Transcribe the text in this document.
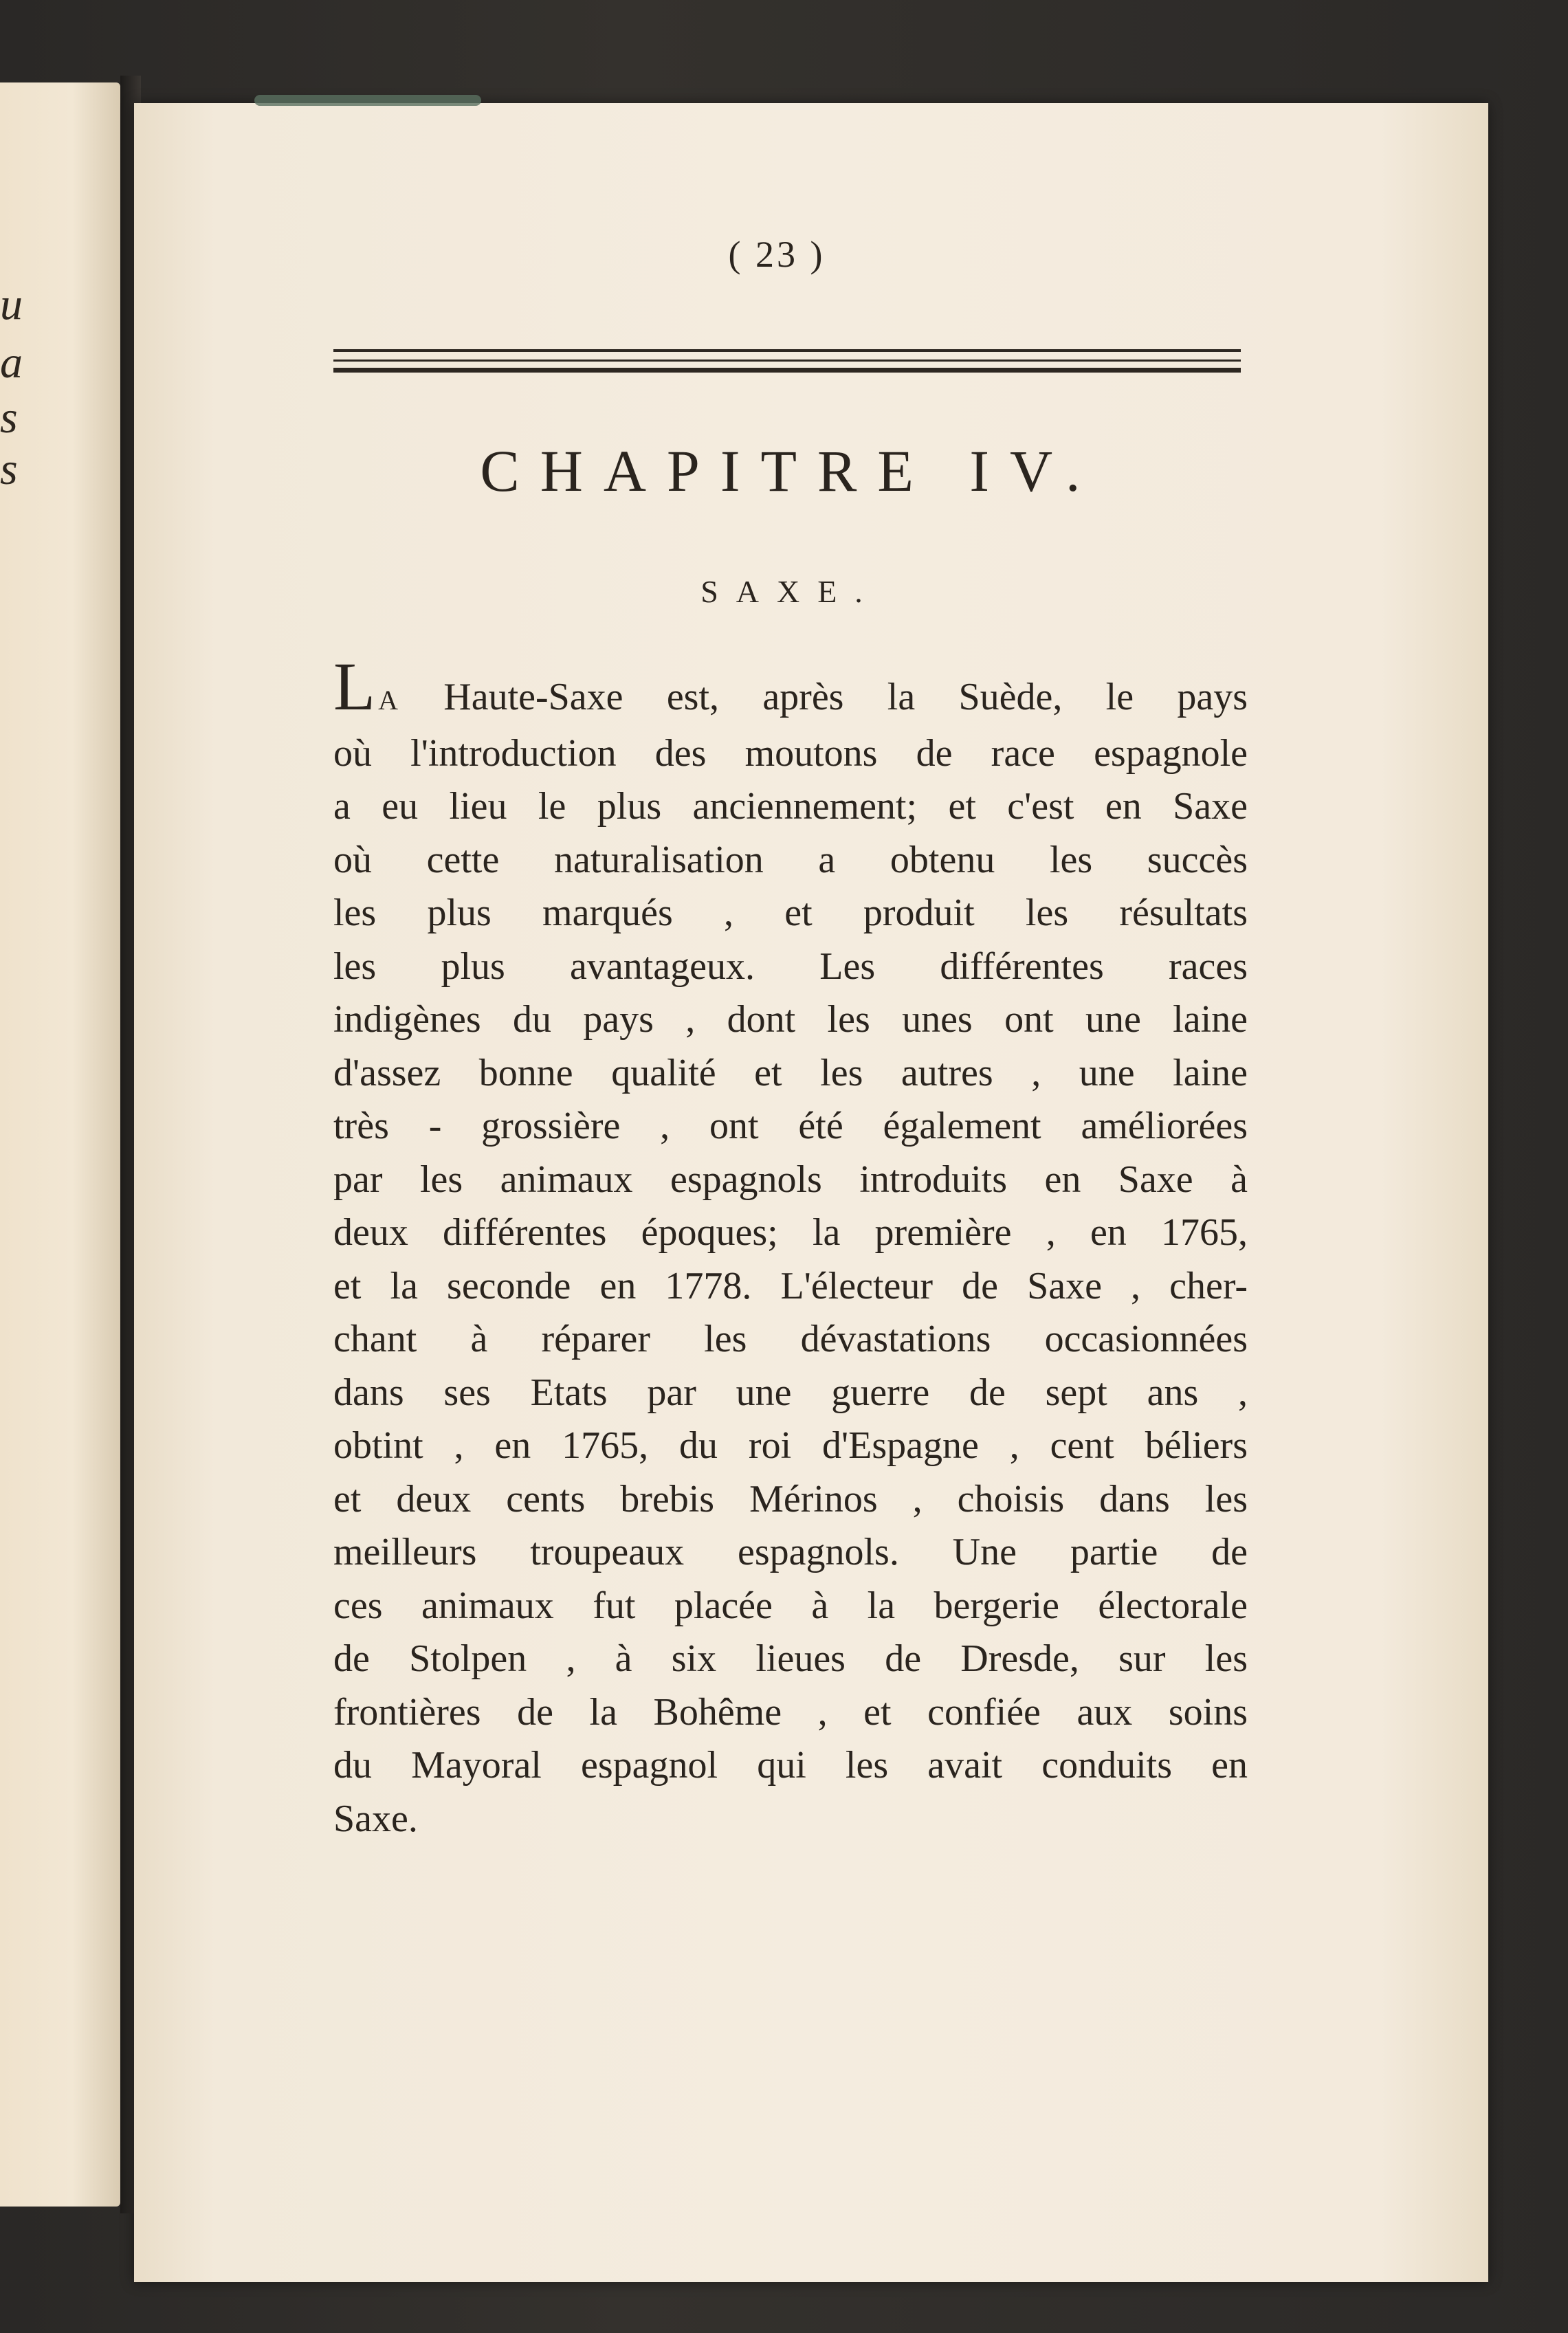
u
a
s
s
( 23 )
CHAPITRE IV.
SAXE.
LA Haute-Saxe est, après la Suède, le pays
où l'introduction des moutons de race espagnole
a eu lieu le plus anciennement; et c'est en Saxe
où cette naturalisation a obtenu les succès
les plus marqués , et produit les résultats
les plus avantageux. Les différentes races
indigènes du pays , dont les unes ont une laine
d'assez bonne qualité et les autres , une laine
très - grossière , ont été également améliorées
par les animaux espagnols introduits en Saxe à
deux différentes époques; la première , en 1765,
et la seconde en 1778. L'électeur de Saxe , cher-
chant à réparer les dévastations occasionnées
dans ses Etats par une guerre de sept ans ,
obtint , en 1765, du roi d'Espagne , cent béliers
et deux cents brebis Mérinos , choisis dans les
meilleurs troupeaux espagnols. Une partie de
ces animaux fut placée à la bergerie électorale
de Stolpen , à six lieues de Dresde, sur les
frontières de la Bohême , et confiée aux soins
du Mayoral espagnol qui les avait conduits en
Saxe.
